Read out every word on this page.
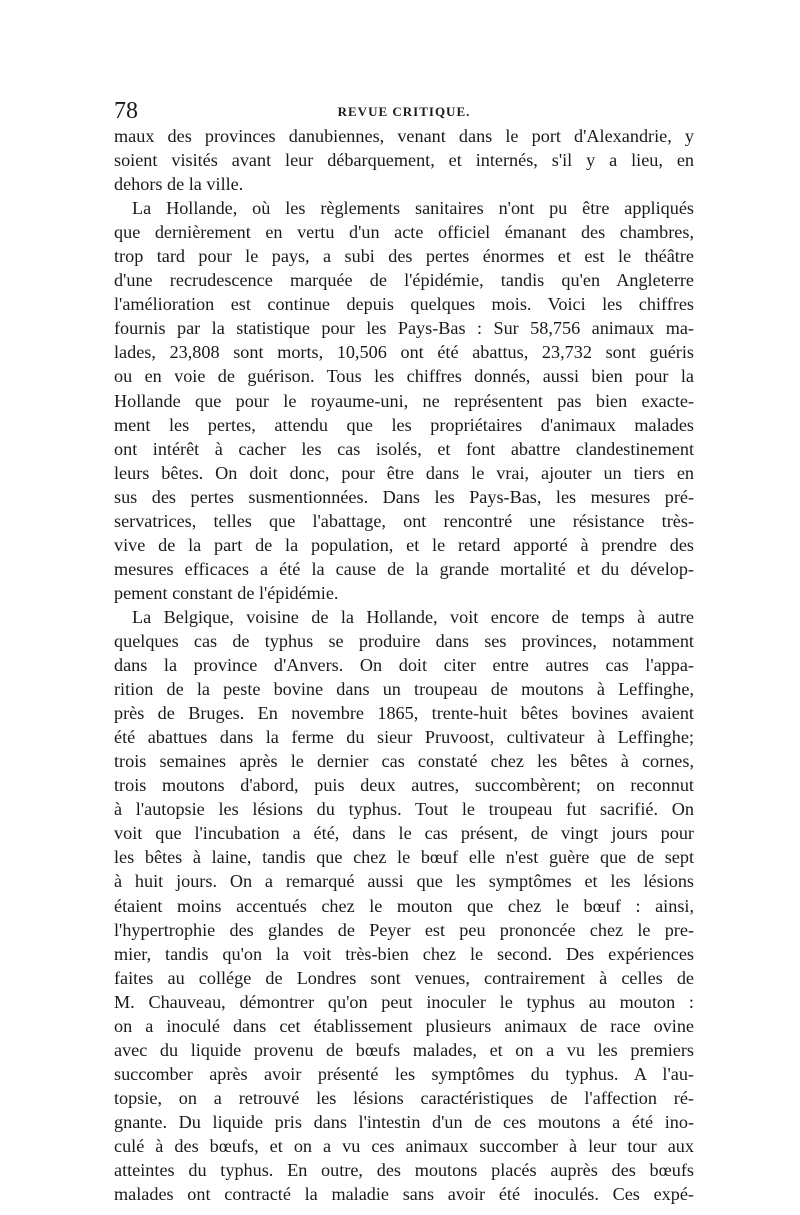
78	REVUE CRITIQUE.
maux des provinces danubiennes, venant dans le port d'Alexandrie, y
soient visités avant leur débarquement, et internés, s'il y a lieu, en
dehors de la ville.
La Hollande, où les règlements sanitaires n'ont pu être appliqués
que dernièrement en vertu d'un acte officiel émanant des chambres,
trop tard pour le pays, a subi des pertes énormes et est le théâtre
d'une recrudescence marquée de l'épidémie, tandis qu'en Angleterre
l'amélioration est continue depuis quelques mois. Voici les chiffres
fournis par la statistique pour les Pays-Bas : Sur 58,756 animaux ma-
lades, 23,808 sont morts, 10,506 ont été abattus, 23,732 sont guéris
ou en voie de guérison. Tous les chiffres donnés, aussi bien pour la
Hollande que pour le royaume-uni, ne représentent pas bien exacte-
ment les pertes, attendu que les propriétaires d'animaux malades
ont intérêt à cacher les cas isolés, et font abattre clandestinement
leurs bêtes. On doit donc, pour être dans le vrai, ajouter un tiers en
sus des pertes susmentionnées. Dans les Pays-Bas, les mesures pré-
servatrices, telles que l'abattage, ont rencontré une résistance très-
vive de la part de la population, et le retard apporté à prendre des
mesures efficaces a été la cause de la grande mortalité et du dévelop-
pement constant de l'épidémie.
La Belgique, voisine de la Hollande, voit encore de temps à autre
quelques cas de typhus se produire dans ses provinces, notamment
dans la province d'Anvers. On doit citer entre autres cas l'appa-
rition de la peste bovine dans un troupeau de moutons à Leffinghe,
près de Bruges. En novembre 1865, trente-huit bêtes bovines avaient
été abattues dans la ferme du sieur Pruvoost, cultivateur à Leffinghe;
trois semaines après le dernier cas constaté chez les bêtes à cornes,
trois moutons d'abord, puis deux autres, succombèrent; on reconnut
à l'autopsie les lésions du typhus. Tout le troupeau fut sacrifié. On
voit que l'incubation a été, dans le cas présent, de vingt jours pour
les bêtes à laine, tandis que chez le bœuf elle n'est guère que de sept
à huit jours. On a remarqué aussi que les symptômes et les lésions
étaient moins accentués chez le mouton que chez le bœuf : ainsi,
l'hypertrophie des glandes de Peyer est peu prononcée chez le pre-
mier, tandis qu'on la voit très-bien chez le second. Des expériences
faites au collége de Londres sont venues, contrairement à celles de
M. Chauveau, démontrer qu'on peut inoculer le typhus au mouton :
on a inoculé dans cet établissement plusieurs animaux de race ovine
avec du liquide provenu de bœufs malades, et on a vu les premiers
succomber après avoir présenté les symptômes du typhus. A l'au-
topsie, on a retrouvé les lésions caractéristiques de l'affection ré-
gnante. Du liquide pris dans l'intestin d'un de ces moutons a été ino-
culé à des bœufs, et on a vu ces animaux succomber à leur tour aux
atteintes du typhus. En outre, des moutons placés auprès des bœufs
malades ont contracté la maladie sans avoir été inoculés. Ces expé-
